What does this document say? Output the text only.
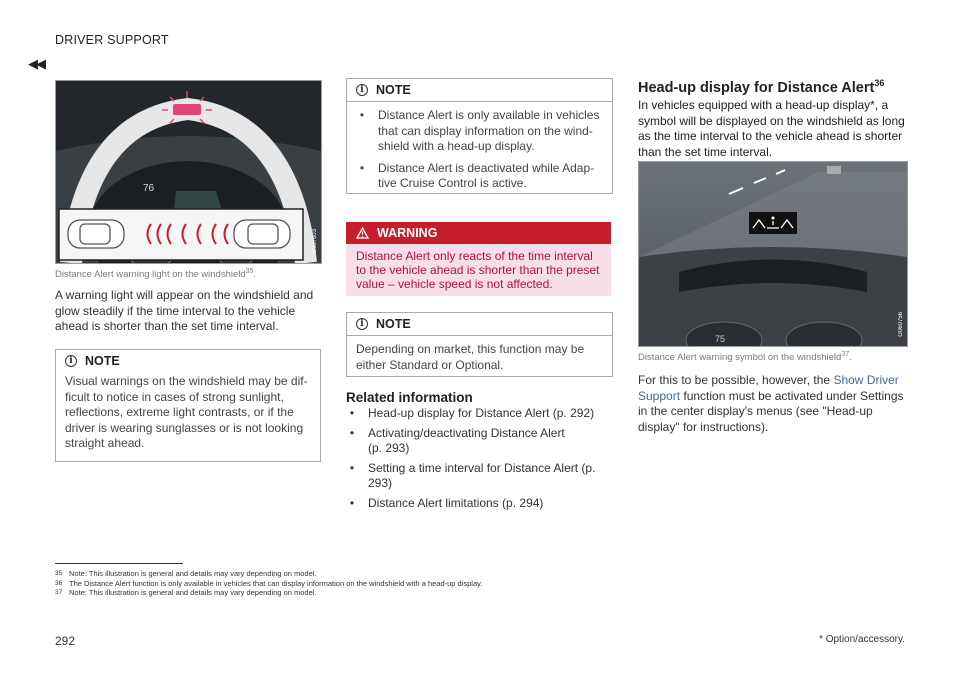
DRIVER SUPPORT
◀◀
76
G057603
Distance Alert warning light on the windshield$^{35}$.
A warning light will appear on the windshield and glow steadily if the time interval to the vehicle ahead is shorter than the set time interval.
i NOTE
Visual warnings on the windshield may be dif-ficult to notice in cases of strong sunlight, reflections, extreme light contrasts, or if the driver is wearing sunglasses or is not looking straight ahead.
i NOTE
•	Distance Alert is only available in vehicles that can display information on the wind-shield with a head-up display.
•	Distance Alert is deactivated while Adap-tive Cruise Control is active.
WARNING
Distance Alert only reacts of the time interval to the vehicle ahead is shorter than the preset value – vehicle speed is not affected.
i NOTE
Depending on market, this function may be either Standard or Optional.
Related information
•	Head-up display for Distance Alert (p. 292)
•	Activating/deactivating Distance Alert (p. 293)
•	Setting a time interval for Distance Alert (p. 293)
•	Distance Alert limitations (p. 294)
Head-up display for Distance Alert$^{36}$
In vehicles equipped with a head-up display*, a symbol will be displayed on the windshield as long as the time interval to the vehicle ahead is shorter than the set time interval.
75
G060756
Distance Alert warning symbol on the windshield$^{37}$.
For this to be possible, however, the Show Driver Support function must be activated under Settings in the center display's menus (see "Head-up display" for instructions).
35 Note: This illustration is general and details may vary depending on model.
36 The Distance Alert function is only available in vehicles that can display information on the windshield with a head-up display.
37 Note: This illustration is general and details may vary depending on model.
292	* Option/accessory.
